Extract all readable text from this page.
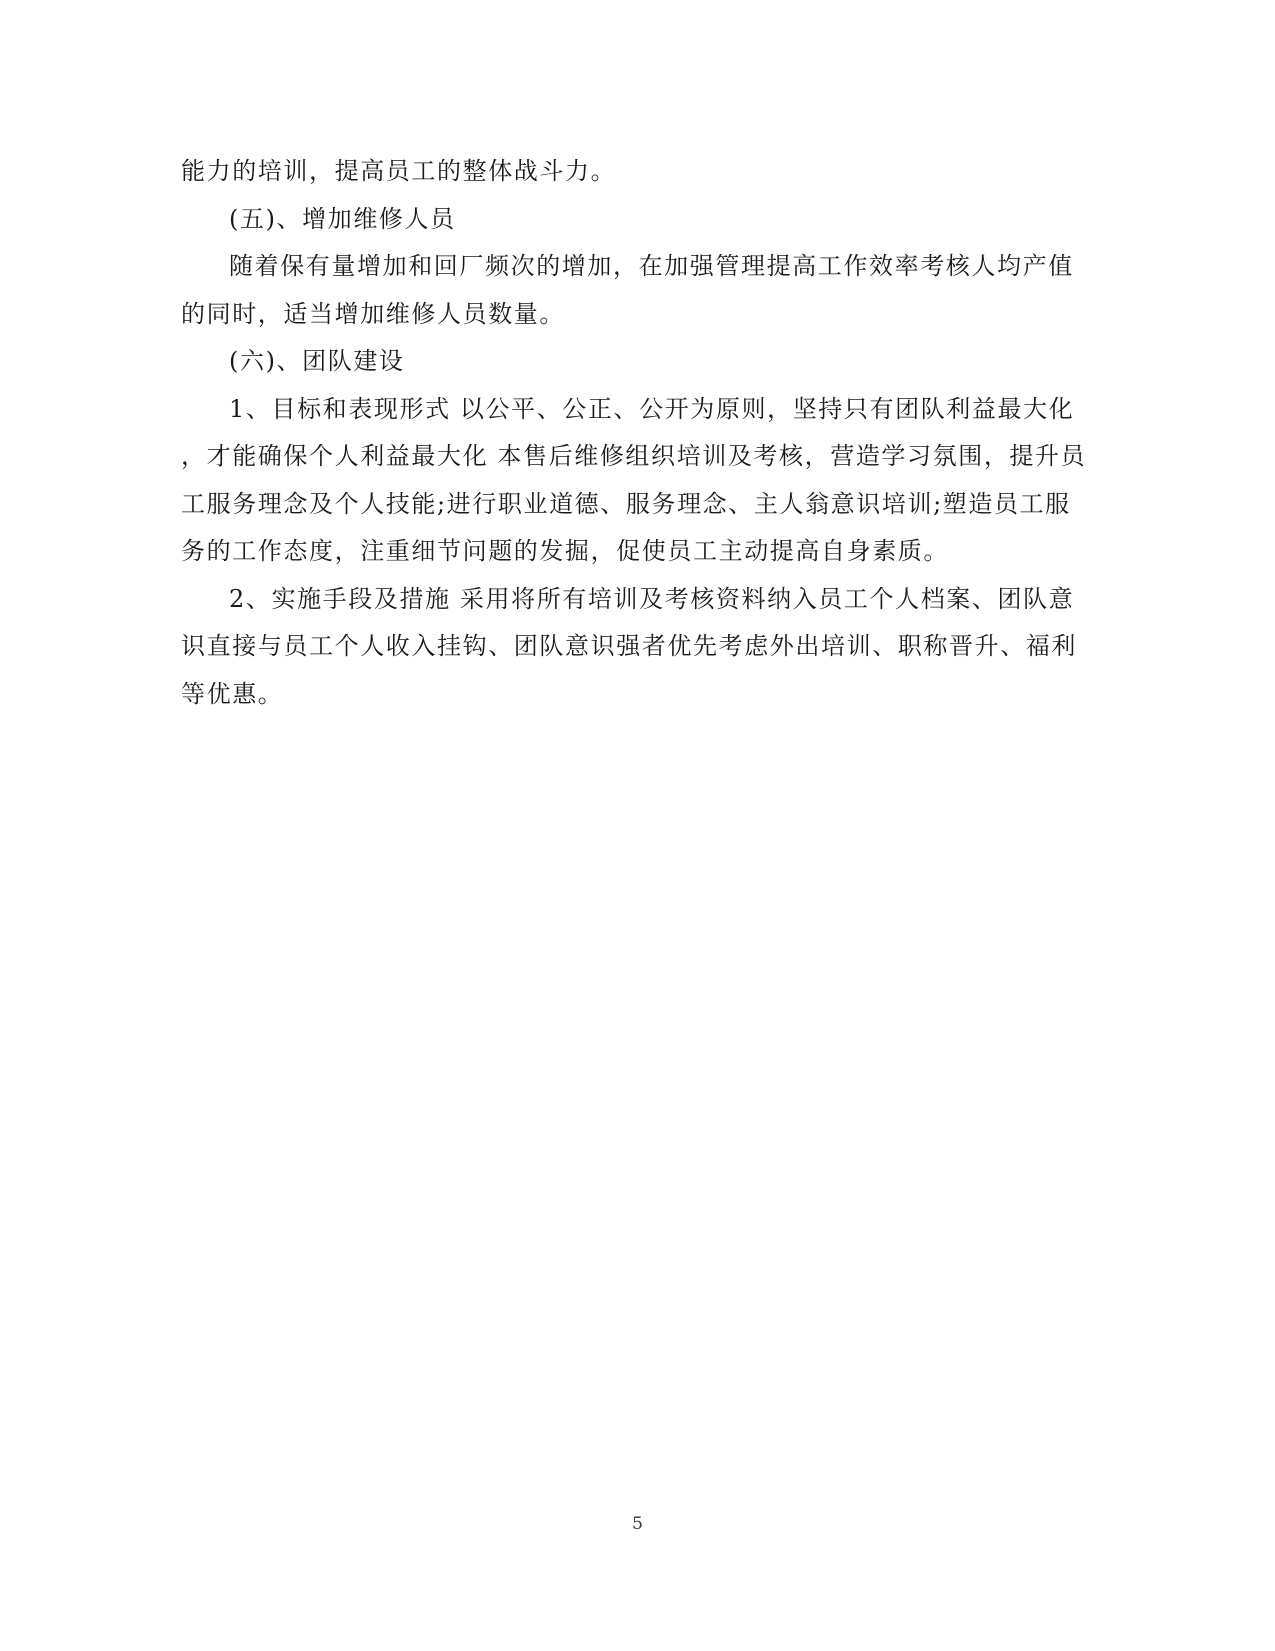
能力的培训，提高员工的整体战斗力。
(五)、增加维修人员
随着保有量增加和回厂频次的增加，在加强管理提高工作效率考核人均产值
的同时，适当增加维修人员数量。
(六)、团队建设
1、目标和表现形式 以公平、公正、公开为原则，坚持只有团队利益最大化
，才能确保个人利益最大化 本售后维修组织培训及考核，营造学习氛围，提升员
工服务理念及个人技能;进行职业道德、服务理念、主人翁意识培训;塑造员工服
务的工作态度，注重细节问题的发掘，促使员工主动提高自身素质。
2、实施手段及措施 采用将所有培训及考核资料纳入员工个人档案、团队意
识直接与员工个人收入挂钩、团队意识强者优先考虑外出培训、职称晋升、福利
等优惠。
5
